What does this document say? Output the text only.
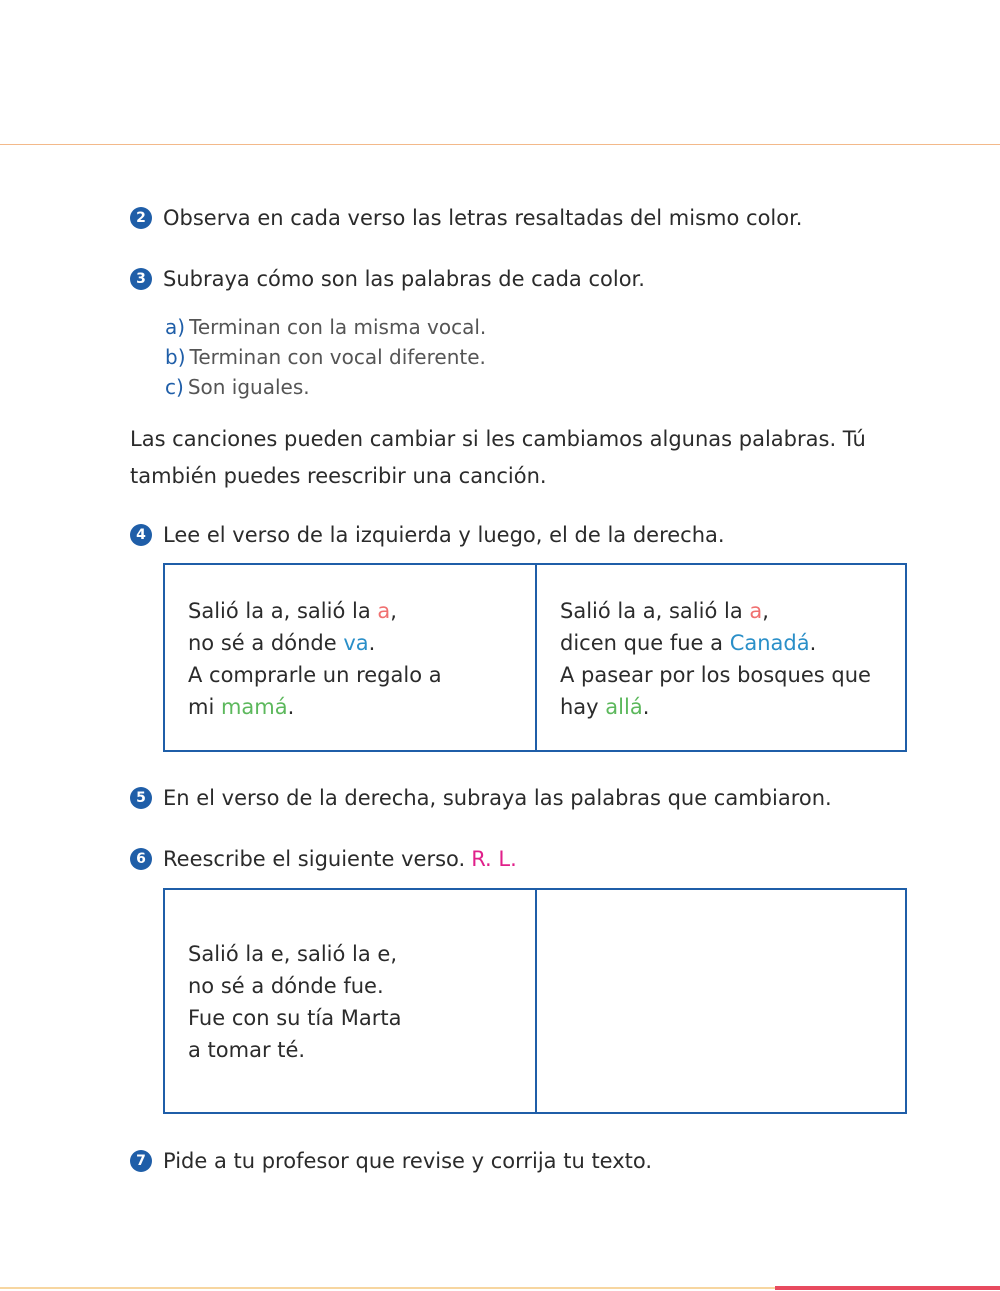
2 Observa en cada verso las letras resaltadas del mismo color.
3 Subraya cómo son las palabras de cada color.
a) Terminan con la misma vocal.
b) Terminan con vocal diferente.
c) Son iguales.
Las canciones pueden cambiar si les cambiamos algunas palabras. Tú
también puedes reescribir una canción.
4 Lee el verso de la izquierda y luego, el de la derecha.
Salió la a, salió la a,
no sé a dónde va.
A comprarle un regalo a
mi mamá.
Salió la a, salió la a,
dicen que fue a Canadá.
A pasear por los bosques que
hay allá.
5 En el verso de la derecha, subraya las palabras que cambiaron.
6 Reescribe el siguiente verso. R. L.
Salió la e, salió la e,
no sé a dónde fue.
Fue con su tía Marta
a tomar té.
7 Pide a tu profesor que revise y corrija tu texto.
